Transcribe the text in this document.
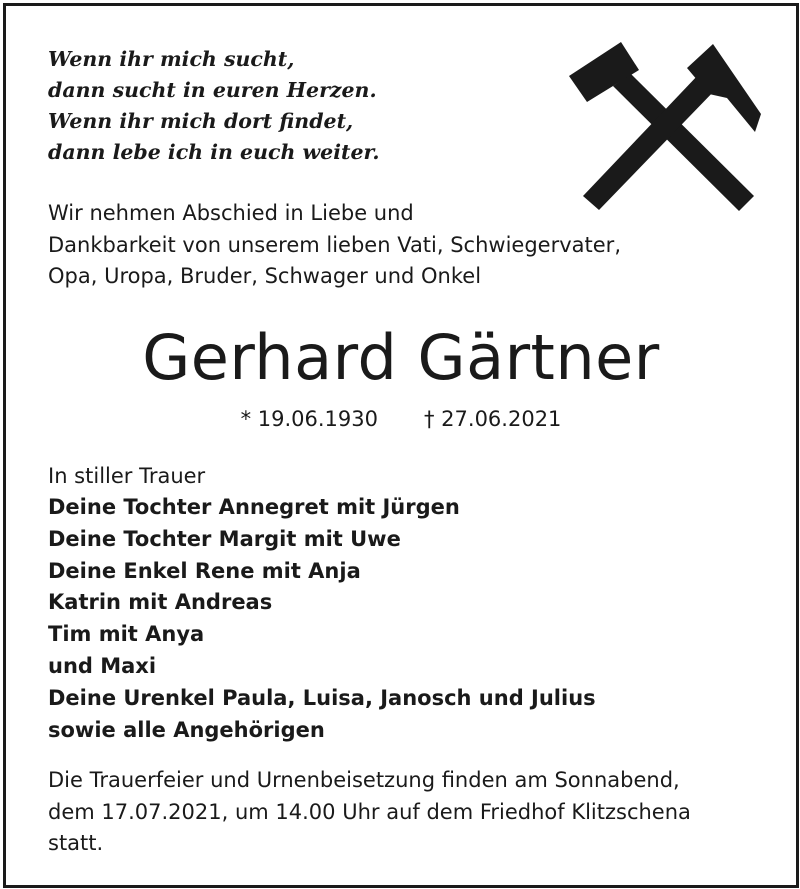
Wenn ihr mich sucht,
dann sucht in euren Herzen.
Wenn ihr mich dort findet,
dann lebe ich in euch weiter.
Wir nehmen Abschied in Liebe und
Dankbarkeit von unserem lieben Vati, Schwiegervater,
Opa, Uropa, Bruder, Schwager und Onkel
Gerhard Gärtner
* 19.06.1930 † 27.06.2021
In stiller Trauer
Deine Tochter Annegret mit Jürgen
Deine Tochter Margit mit Uwe
Deine Enkel Rene mit Anja
Katrin mit Andreas
Tim mit Anya
und Maxi
Deine Urenkel Paula, Luisa, Janosch und Julius
sowie alle Angehörigen
Die Trauerfeier und Urnenbeisetzung finden am Sonnabend,
dem 17.07.2021, um 14.00 Uhr auf dem Friedhof Klitzschena
statt.
